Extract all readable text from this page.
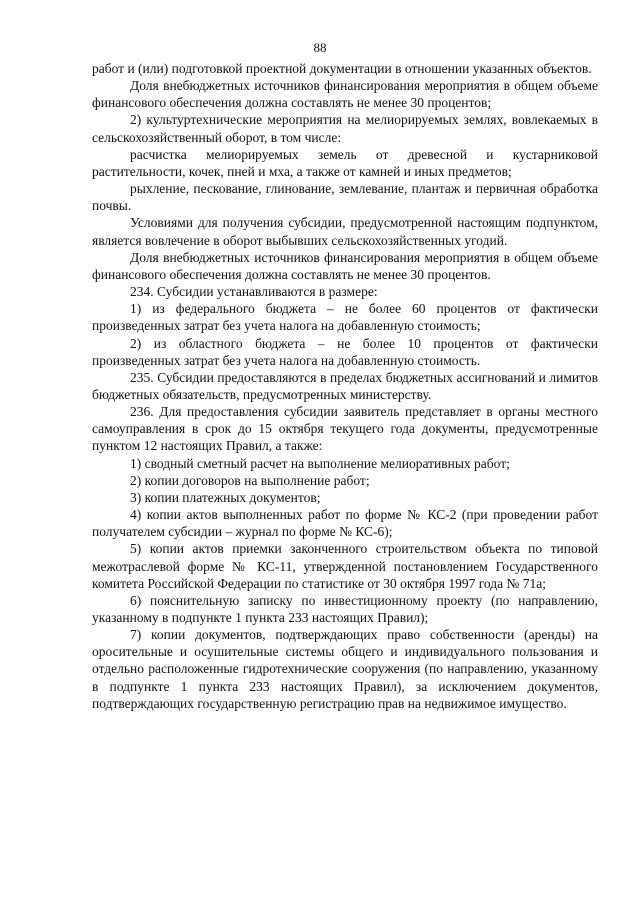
88

работ и (или) подготовкой проектной документации в отношении указанных объектов.

Доля внебюджетных источников финансирования мероприятия в общем объеме финансового обеспечения должна составлять не менее 30 процентов;

2) культуртехнические мероприятия на мелиорируемых землях, вовлекаемых в сельскохозяйственный оборот, в том числе:

расчистка мелиорируемых земель от древесной и кустарниковой растительности, кочек, пней и мха, а также от камней и иных предметов;

рыхление, пескование, глинование, землевание, плантаж и первичная обработка почвы.

Условиями для получения субсидии, предусмотренной настоящим подпунктом, является вовлечение в оборот выбывших сельскохозяйственных угодий.

Доля внебюджетных источников финансирования мероприятия в общем объеме финансового обеспечения должна составлять не менее 30 процентов.

234. Субсидии устанавливаются в размере:

1) из федерального бюджета – не более 60 процентов от фактически произведенных затрат без учета налога на добавленную стоимость;

2) из областного бюджета – не более 10 процентов от фактически произведенных затрат без учета налога на добавленную стоимость.

235. Субсидии предоставляются в пределах бюджетных ассигнований и лимитов бюджетных обязательств, предусмотренных министерству.

236. Для предоставления субсидии заявитель представляет в органы местного самоуправления в срок до 15 октября текущего года документы, предусмотренные пунктом 12 настоящих Правил, а также:

1) сводный сметный расчет на выполнение мелиоративных работ;

2) копии договоров на выполнение работ;

3) копии платежных документов;

4) копии актов выполненных работ по форме № КС-2 (при проведении работ получателем субсидии – журнал по форме № КС-6);

5) копии актов приемки законченного строительством объекта по типовой межотраслевой форме № КС-11, утвержденной постановлением Государственного комитета Российской Федерации по статистике от 30 октября 1997 года № 71а;

6) пояснительную записку по инвестиционному проекту (по направлению, указанному в подпункте 1 пункта 233 настоящих Правил);

7) копии документов, подтверждающих право собственности (аренды) на оросительные и осушительные системы общего и индивидуального пользования и отдельно расположенные гидротехнические сооружения (по направлению, указанному в подпункте 1 пункта 233 настоящих Правил), за исключением документов, подтверждающих государственную регистрацию прав на недвижимое имущество.
